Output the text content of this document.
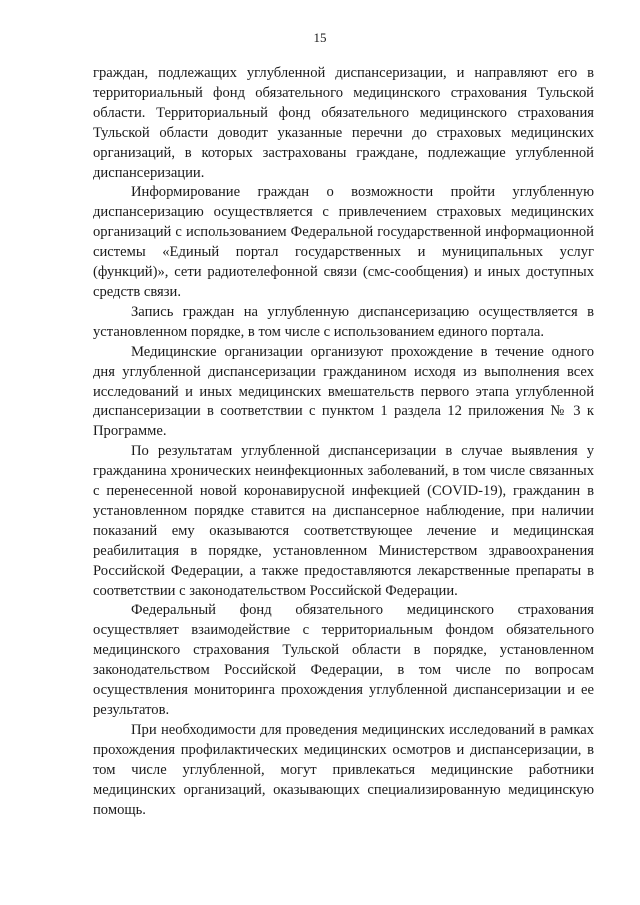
15

граждан, подлежащих углубленной диспансеризации, и направляют его в территориальный фонд обязательного медицинского страхования Тульской области. Территориальный фонд обязательного медицинского страхования Тульской области доводит указанные перечни до страховых медицинских организаций, в которых застрахованы граждане, подлежащие углубленной диспансеризации.

Информирование граждан о возможности пройти углубленную диспансеризацию осуществляется с привлечением страховых медицинских организаций с использованием Федеральной государственной информационной системы «Единый портал государственных и муниципальных услуг (функций)», сети радиотелефонной связи (смс-сообщения) и иных доступных средств связи.

Запись граждан на углубленную диспансеризацию осуществляется в установленном порядке, в том числе с использованием единого портала.

Медицинские организации организуют прохождение в течение одного дня углубленной диспансеризации гражданином исходя из выполнения всех исследований и иных медицинских вмешательств первого этапа углубленной диспансеризации в соответствии с пунктом 1 раздела 12 приложения № 3 к Программе.

По результатам углубленной диспансеризации в случае выявления у гражданина хронических неинфекционных заболеваний, в том числе связанных с перенесенной новой коронавирусной инфекцией (COVID-19), гражданин в установленном порядке ставится на диспансерное наблюдение, при наличии показаний ему оказываются соответствующее лечение и медицинская реабилитация в порядке, установленном Министерством здравоохранения Российской Федерации, а также предоставляются лекарственные препараты в соответствии с законодательством Российской Федерации.

Федеральный фонд обязательного медицинского страхования осуществляет взаимодействие с территориальным фондом обязательного медицинского страхования Тульской области в порядке, установленном законодательством Российской Федерации, в том числе по вопросам осуществления мониторинга прохождения углубленной диспансеризации и ее результатов.

При необходимости для проведения медицинских исследований в рамках прохождения профилактических медицинских осмотров и диспансеризации, в том числе углубленной, могут привлекаться медицинские работники медицинских организаций, оказывающих специализированную медицинскую помощь.
